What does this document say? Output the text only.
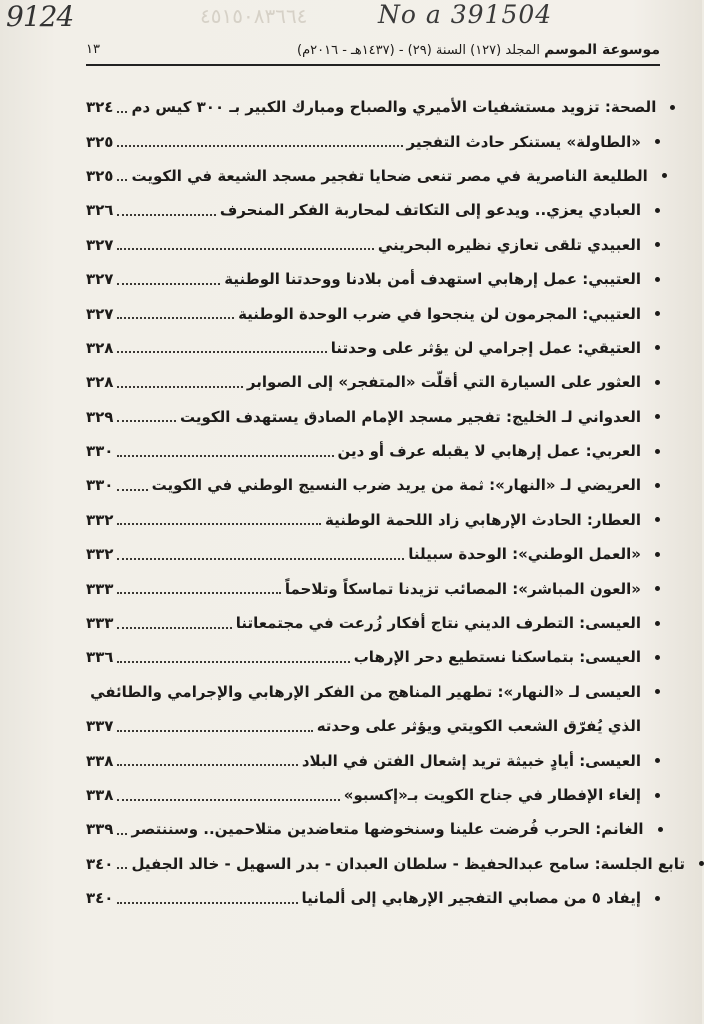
9124	٤٥١٥٠٨٣٦٦٤	No a 391504
موسوعة الموسم المجلد (١٢٧) السنة (٢٩) - (١٤٣٧هـ - ٢٠١٦م)
١٣
الصحة: تزويد مستشفيات الأميري والصباح ومبارك الكبير بـ ٣٠٠ كيس دم
٣٢٤
«الطاولة» يستنكر حادث التفجير
٣٢٥
الطليعة الناصرية في مصر تنعى ضحايا تفجير مسجد الشيعة في الكويت
٣٢٥
العبادي يعزي.. ويدعو إلى التكاتف لمحاربة الفكر المنحرف
٣٢٦
العبيدي تلقى تعازي نظيره البحريني
٣٢٧
العتيبي: عمل إرهابي استهدف أمن بلادنا ووحدتنا الوطنية
٣٢٧
العتيبي: المجرمون لن ينجحوا في ضرب الوحدة الوطنية
٣٢٧
العتيقي: عمل إجرامي لن يؤثر على وحدتنا
٣٢٨
العثور على السيارة التي أقلّت «المتفجر» إلى الصوابر
٣٢٨
العدواني لـ الخليج: تفجير مسجد الإمام الصادق يستهدف الكويت
٣٢٩
العربي: عمل إرهابي لا يقبله عرف أو دين
٣٣٠
العريضي لـ «النهار»: ثمة من يريد ضرب النسيج الوطني في الكويت
٣٣٠
العطار: الحادث الإرهابي زاد اللحمة الوطنية
٣٣٢
«العمل الوطني»: الوحدة سبيلنا
٣٣٢
«العون المباشر»: المصائب تزيدنا تماسكاً وتلاحماً
٣٣٣
العيسى: التطرف الديني نتاج أفكار زُرعت في مجتمعاتنا
٣٣٣
العيسى: بتماسكنا نستطيع دحر الإرهاب
٣٣٦
العيسى لـ «النهار»: تطهير المناهج من الفكر الإرهابي والإجرامي والطائفي
الذي يُفرّق الشعب الكويتي ويؤثر على وحدته
٣٣٧
العيسى: أيادٍ خبيثة تريد إشعال الفتن في البلاد
٣٣٨
إلغاء الإفطار في جناح الكويت بـ«إكسبو»
٣٣٨
الغانم: الحرب فُرضت علينا وسنخوضها متعاضدين متلاحمين.. وسننتصر
٣٣٩
تابع الجلسة: سامح عبدالحفيظ - سلطان العبدان - بدر السهيل - خالد الجفيل
٣٤٠
إيفاد ٥ من مصابي التفجير الإرهابي إلى ألمانيا
٣٤٠
